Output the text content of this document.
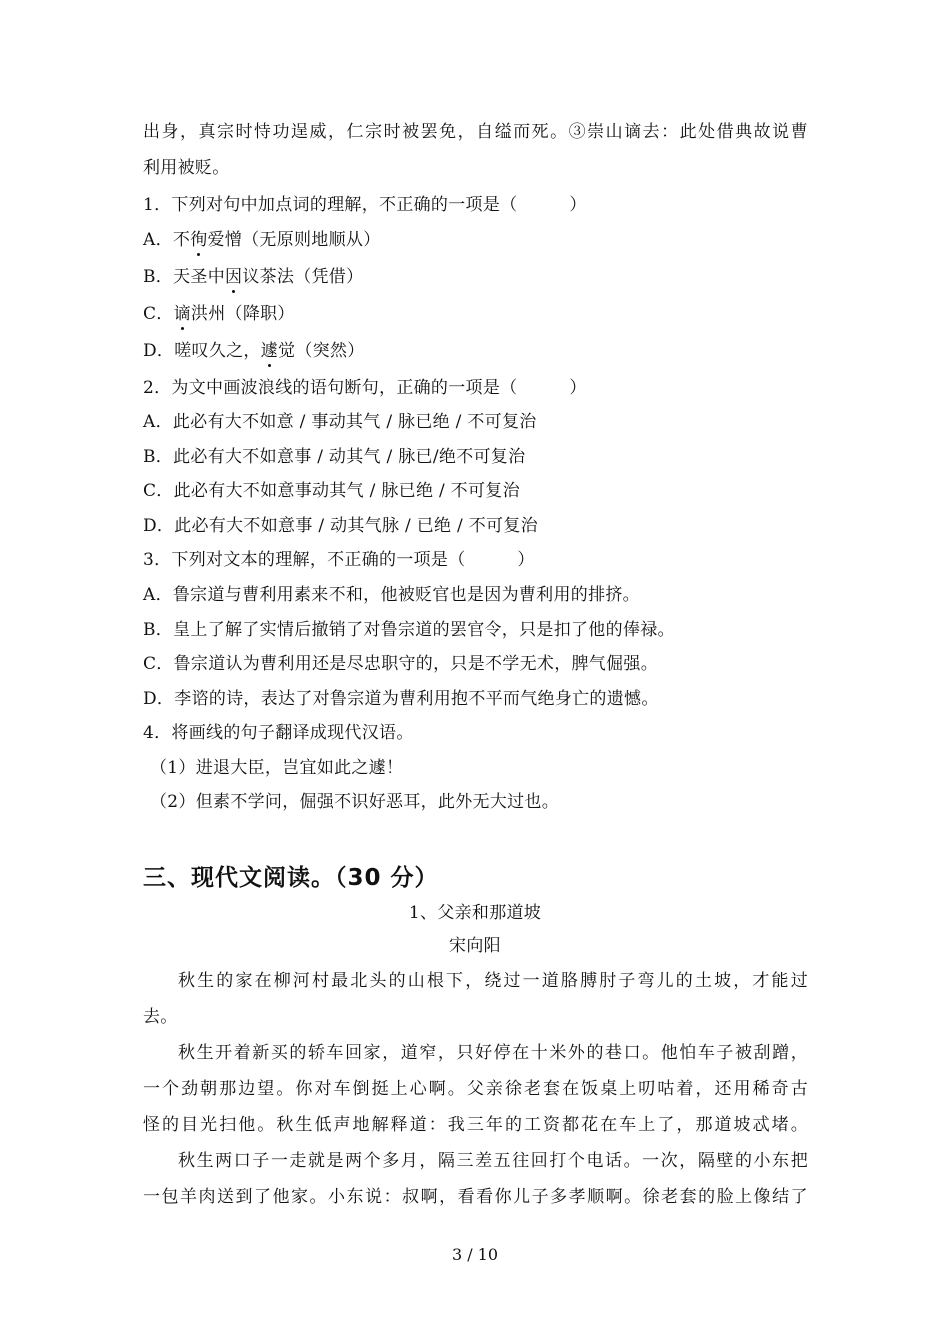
出身，真宗时恃功逞威，仁宗时被罢免，自缢而死。③崇山谪去：此处借典故说曹
利用被贬。
1．下列对句中加点词的理解，不正确的一项是（　　　）
A．不徇爱憎（无原则地顺从）
B．天圣中因议茶法（凭借）
C．谪洪州（降职）
D．嗟叹久之，遽觉（突然）
2．为文中画波浪线的语句断句，正确的一项是（　　　）
A．此必有大不如意 / 事动其气 / 脉已绝 / 不可复治
B．此必有大不如意事 / 动其气 / 脉已/绝不可复治
C．此必有大不如意事动其气 / 脉已绝 / 不可复治
D．此必有大不如意事 / 动其气脉 / 已绝 / 不可复治
3．下列对文本的理解，不正确的一项是（　　　）
A．鲁宗道与曹利用素来不和，他被贬官也是因为曹利用的排挤。
B．皇上了解了实情后撤销了对鲁宗道的罢官令，只是扣了他的俸禄。
C．鲁宗道认为曹利用还是尽忠职守的，只是不学无术，脾气倔强。
D．李谘的诗，表达了对鲁宗道为曹利用抱不平而气绝身亡的遗憾。
4．将画线的句子翻译成现代汉语。
（1）进退大臣，岂宜如此之遽！
（2）但素不学问，倔强不识好恶耳，此外无大过也。
三、现代文阅读。（30 分）
1、父亲和那道坡
宋向阳
秋生的家在柳河村最北头的山根下，绕过一道胳膊肘子弯儿的土坡，才能过
去。
秋生开着新买的轿车回家，道窄，只好停在十米外的巷口。他怕车子被刮蹭，
一个劲朝那边望。你对车倒挺上心啊。父亲徐老套在饭桌上叨咕着，还用稀奇古
怪的目光扫他。秋生低声地解释道：我三年的工资都花在车上了，那道坡忒堵。
秋生两口子一走就是两个多月，隔三差五往回打个电话。一次，隔壁的小东把
一包羊肉送到了他家。小东说：叔啊，看看你儿子多孝顺啊。徐老套的脸上像结了
3 / 10
